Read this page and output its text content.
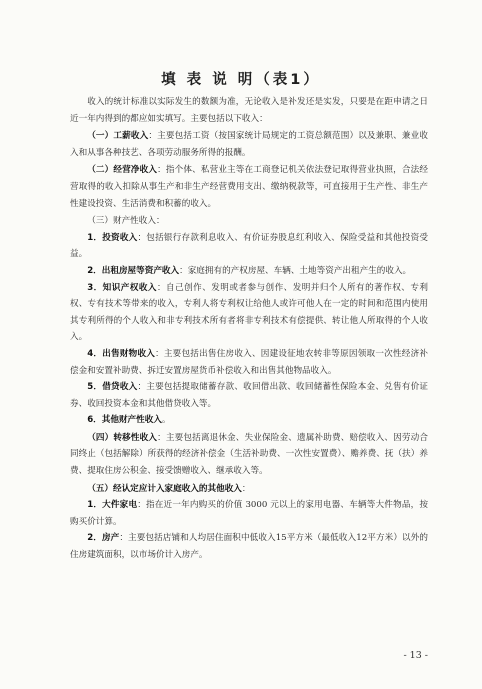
填 表 说 明（表1）

收入的统计标准以实际发生的数额为准，无论收入是补发还是实发，只要是在距申请之日近一年内得到的都应如实填写。主要包括以下收入：

（一）工薪收入：主要包括工资（按国家统计局规定的工资总额范围）以及兼职、兼业收入和从事各种技艺、各项劳动服务所得的报酬。

（二）经营净收入：指个体、私营业主等在工商登记机关依法登记取得营业执照，合法经营取得的收入扣除从事生产和非生产经营费用支出、缴纳税款等，可直接用于生产性、非生产性建设投资、生活消费和积蓄的收入。

（三）财产性收入：

1．投资收入：包括银行存款利息收入、有价证券股息红利收入、保险受益和其他投资受益。

2．出租房屋等资产收入：家庭拥有的产权房屋、车辆、土地等资产出租产生的收入。

3．知识产权收入：自己创作、发明或者参与创作、发明并归个人所有的著作权、专利权、专有技术等带来的收入，专利人将专利权让给他人或许可他人在一定的时间和范围内使用其专利所得的个人收入和非专利技术所有者将非专利技术有偿提供、转让他人所取得的个人收入。

4．出售财物收入：主要包括出售住房收入、因建设征地农转非等原因领取一次性经济补偿金和安置补助费、拆迁安置房屋货币补偿收入和出售其他物品收入。

5．借贷收入：主要包括提取储蓄存款、收回借出款、收回储蓄性保险本金、兑售有价证券、收回投资本金和其他借贷收入等。

6．其他财产性收入。

（四）转移性收入：主要包括离退休金、失业保险金、遗属补助费、赔偿收入、因劳动合同终止（包括解除）所获得的经济补偿金（生活补助费、一次性安置费）、赡养费、抚（扶）养费、提取住房公积金、接受馈赠收入、继承收入等。

（五）经认定应计入家庭收入的其他收入：

1．大件家电：指在近一年内购买的价值 3000 元以上的家用电器、车辆等大件物品，按购买价计算。

2．房产：主要包括店铺和人均居住面积中低收入15平方米（最低收入12平方米）以外的住房建筑面积，以市场价计入房产。

- 13 -
